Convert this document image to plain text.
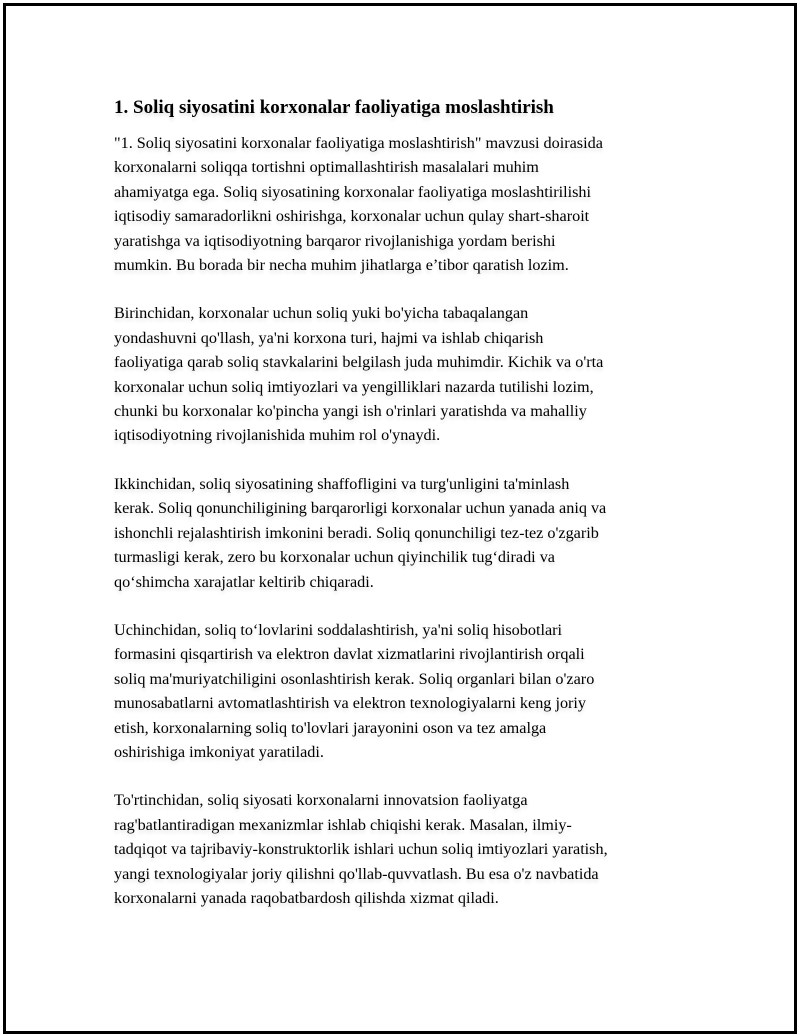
1. Soliq siyosatini korxonalar faoliyatiga moslashtirish

"1. Soliq siyosatini korxonalar faoliyatiga moslashtirish" mavzusi doirasida
korxonalarni soliqqa tortishni optimallashtirish masalalari muhim
ahamiyatga ega. Soliq siyosatining korxonalar faoliyatiga moslashtirilishi
iqtisodiy samaradorlikni oshirishga, korxonalar uchun qulay shart-sharoit
yaratishga va iqtisodiyotning barqaror rivojlanishiga yordam berishi
mumkin. Bu borada bir necha muhim jihatlarga e’tibor qaratish lozim.

Birinchidan, korxonalar uchun soliq yuki bo'yicha tabaqalangan
yondashuvni qo'llash, ya'ni korxona turi, hajmi va ishlab chiqarish
faoliyatiga qarab soliq stavkalarini belgilash juda muhimdir. Kichik va o'rta
korxonalar uchun soliq imtiyozlari va yengilliklari nazarda tutilishi lozim,
chunki bu korxonalar ko'pincha yangi ish o'rinlari yaratishda va mahalliy
iqtisodiyotning rivojlanishida muhim rol o'ynaydi.

Ikkinchidan, soliq siyosatining shaffofligini va turg'unligini ta'minlash
kerak. Soliq qonunchiligining barqarorligi korxonalar uchun yanada aniq va
ishonchli rejalashtirish imkonini beradi. Soliq qonunchiligi tez-tez o'zgarib
turmasligi kerak, zero bu korxonalar uchun qiyinchilik tug‘diradi va
qo‘shimcha xarajatlar keltirib chiqaradi.

Uchinchidan, soliq to‘lovlarini soddalashtirish, ya'ni soliq hisobotlari
formasini qisqartirish va elektron davlat xizmatlarini rivojlantirish orqali
soliq ma'muriyatchiligini osonlashtirish kerak. Soliq organlari bilan o'zaro
munosabatlarni avtomatlashtirish va elektron texnologiyalarni keng joriy
etish, korxonalarning soliq to'lovlari jarayonini oson va tez amalga
oshirishiga imkoniyat yaratiladi.

To'rtinchidan, soliq siyosati korxonalarni innovatsion faoliyatga
rag'batlantiradigan mexanizmlar ishlab chiqishi kerak. Masalan, ilmiy-
tadqiqot va tajribaviy-konstruktorlik ishlari uchun soliq imtiyozlari yaratish,
yangi texnologiyalar joriy qilishni qo'llab-quvvatlash. Bu esa o'z navbatida
korxonalarni yanada raqobatbardosh qilishda xizmat qiladi.
